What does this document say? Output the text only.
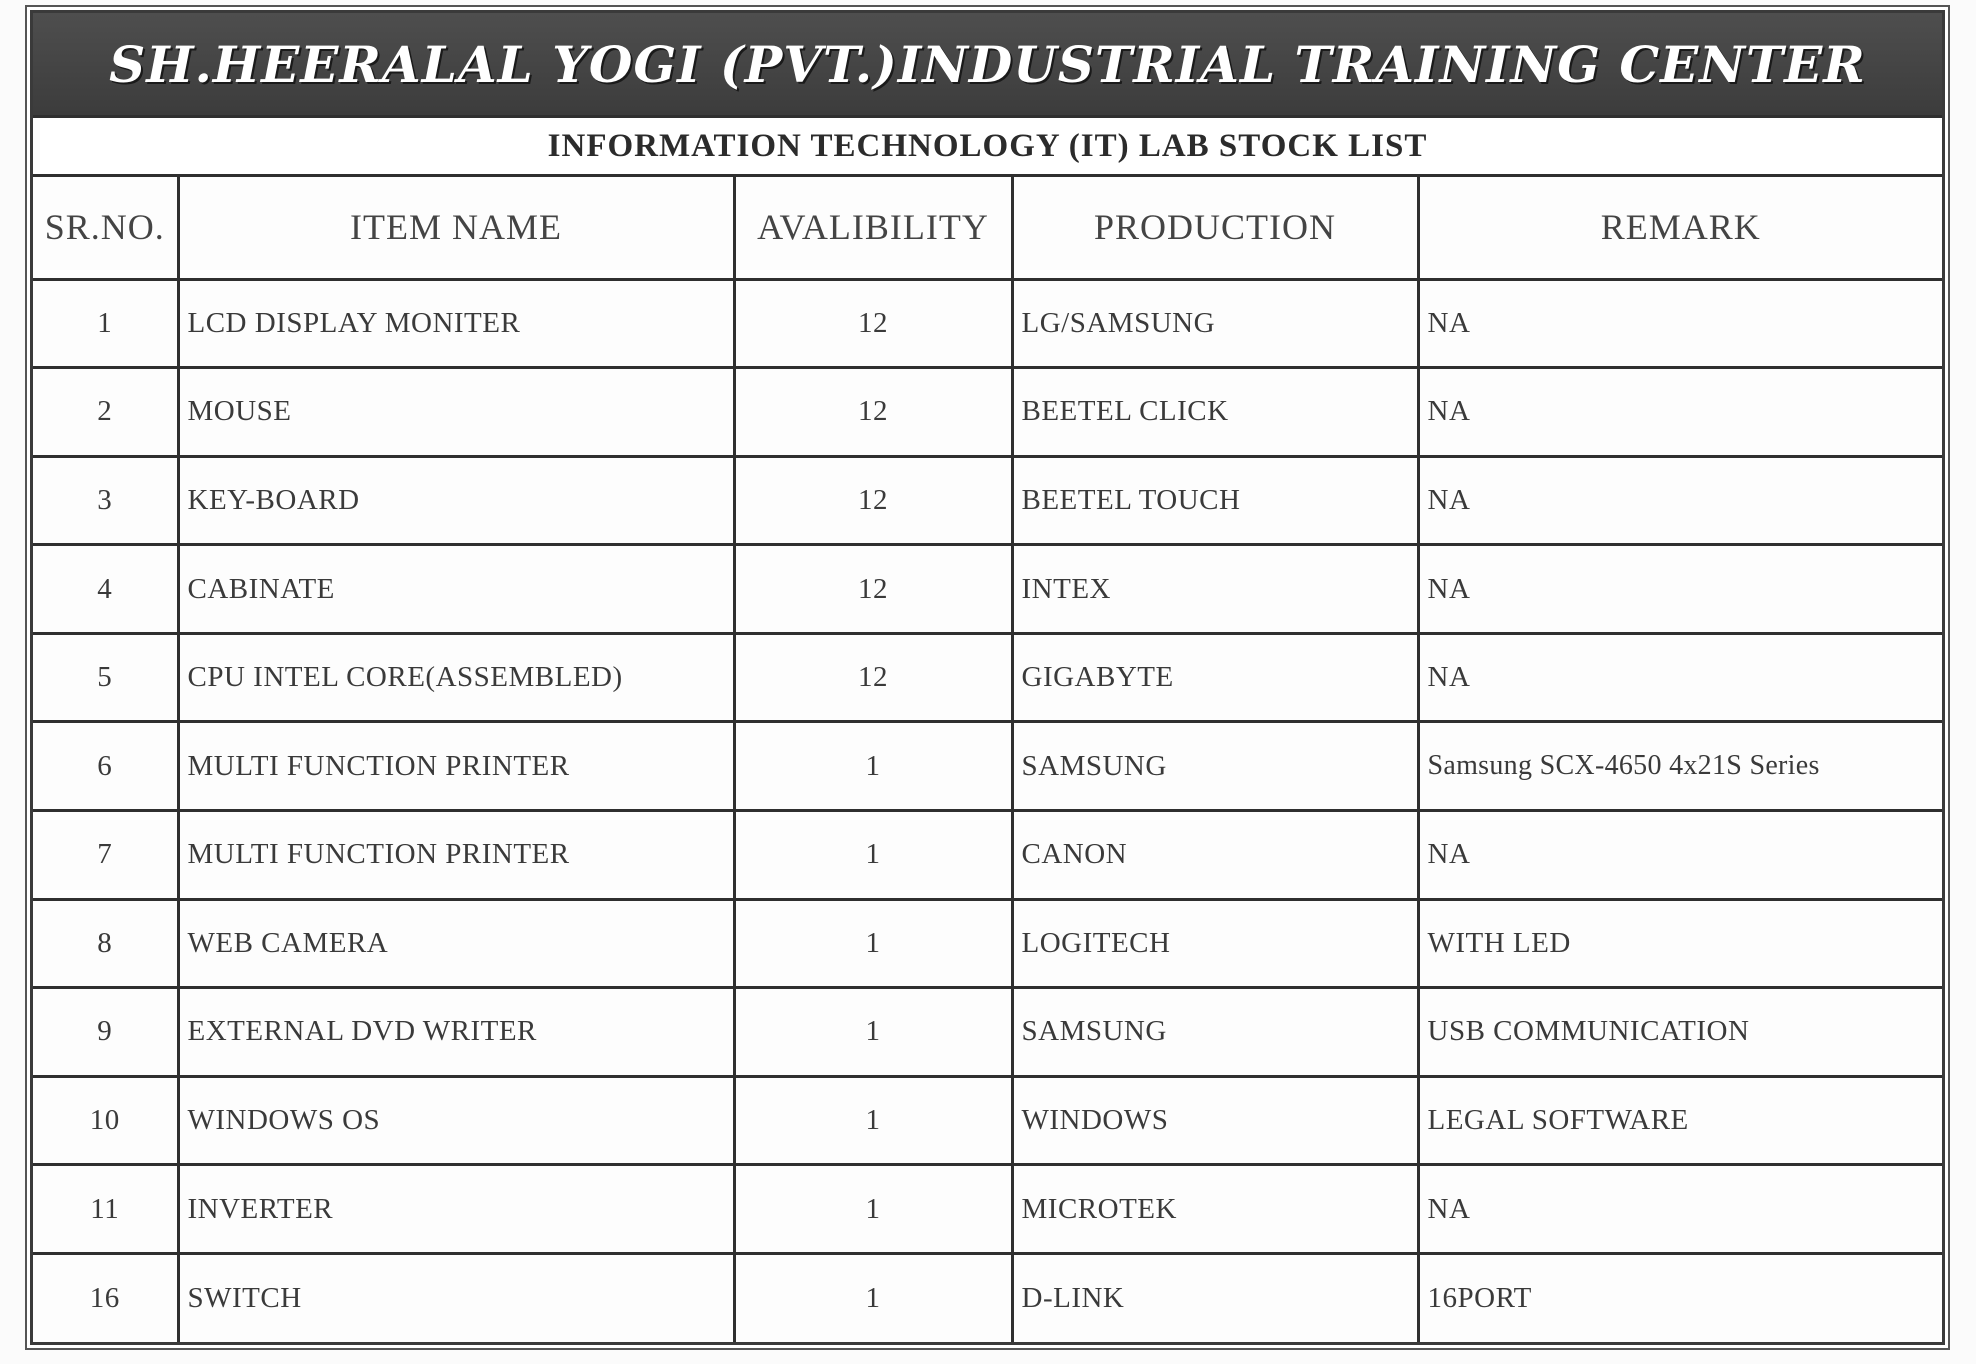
SH.HEERALAL YOGI (PVT.)INDUSTRIAL TRAINING CENTER
INFORMATION TECHNOLOGY (IT) LAB STOCK LIST
SR.NO.	ITEM NAME	AVALIBILITY	PRODUCTION	REMARK
1	LCD DISPLAY MONITER	12	LG/SAMSUNG	NA
2	MOUSE	12	BEETEL CLICK	NA
3	KEY-BOARD	12	BEETEL TOUCH	NA
4	CABINATE	12	INTEX	NA
5	CPU INTEL CORE(ASSEMBLED)	12	GIGABYTE	NA
6	MULTI FUNCTION PRINTER	1	SAMSUNG	Samsung SCX-4650 4x21S Series
7	MULTI FUNCTION PRINTER	1	CANON	NA
8	WEB CAMERA	1	LOGITECH	WITH LED
9	EXTERNAL DVD WRITER	1	SAMSUNG	USB COMMUNICATION
10	WINDOWS OS	1	WINDOWS	LEGAL SOFTWARE
11	INVERTER	1	MICROTEK	NA
16	SWITCH	1	D-LINK	16PORT
